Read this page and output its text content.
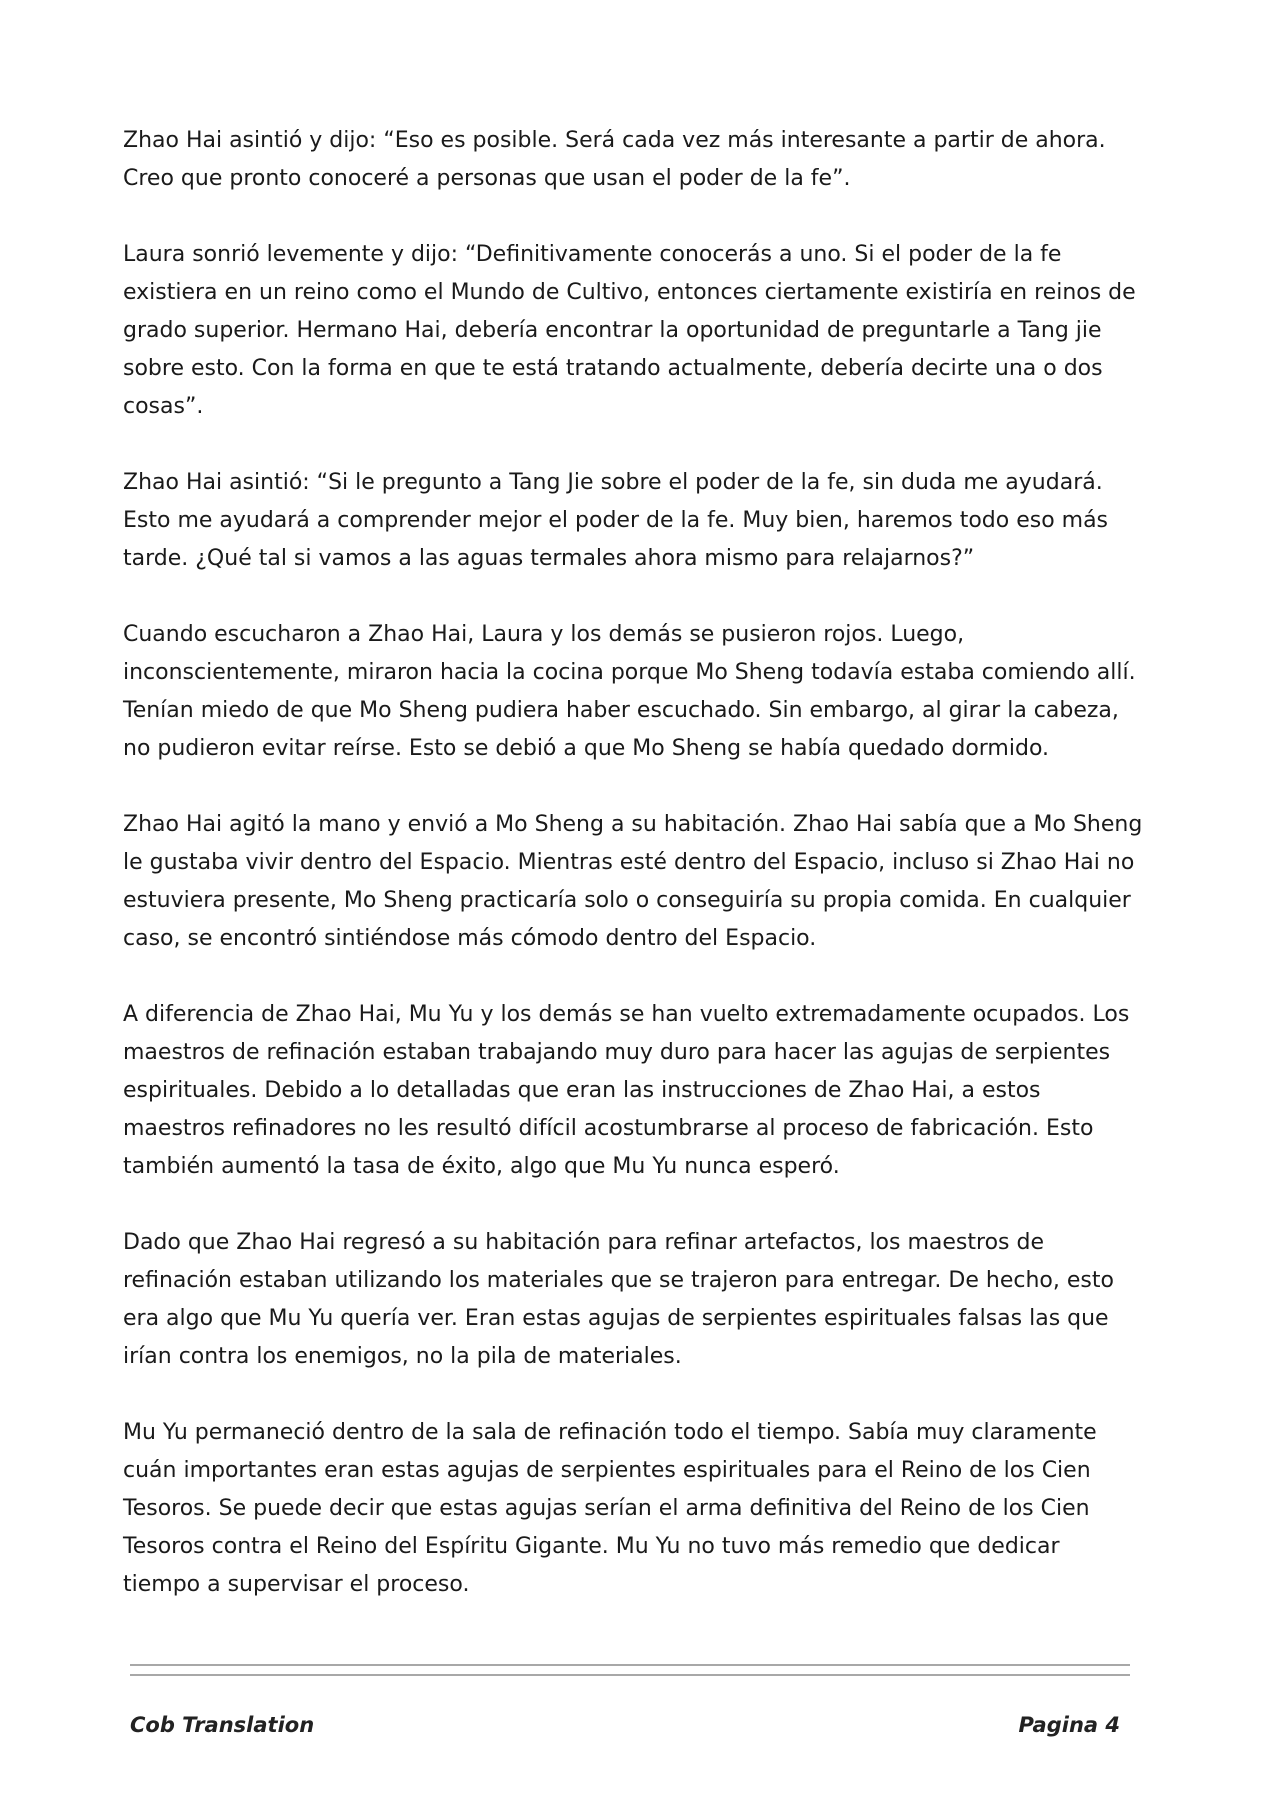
Zhao Hai asintió y dijo: “Eso es posible. Será cada vez más interesante a partir de ahora. Creo que pronto conoceré a personas que usan el poder de la fe”.

Laura sonrió levemente y dijo: “Definitivamente conocerás a uno. Si el poder de la fe existiera en un reino como el Mundo de Cultivo, entonces ciertamente existiría en reinos de grado superior. Hermano Hai, debería encontrar la oportunidad de preguntarle a Tang jie sobre esto. Con la forma en que te está tratando actualmente, debería decirte una o dos cosas”.

Zhao Hai asintió: “Si le pregunto a Tang Jie sobre el poder de la fe, sin duda me ayudará. Esto me ayudará a comprender mejor el poder de la fe. Muy bien, haremos todo eso más tarde. ¿Qué tal si vamos a las aguas termales ahora mismo para relajarnos?”

Cuando escucharon a Zhao Hai, Laura y los demás se pusieron rojos. Luego, inconscientemente, miraron hacia la cocina porque Mo Sheng todavía estaba comiendo allí. Tenían miedo de que Mo Sheng pudiera haber escuchado. Sin embargo, al girar la cabeza, no pudieron evitar reírse. Esto se debió a que Mo Sheng se había quedado dormido.

Zhao Hai agitó la mano y envió a Mo Sheng a su habitación. Zhao Hai sabía que a Mo Sheng le gustaba vivir dentro del Espacio. Mientras esté dentro del Espacio, incluso si Zhao Hai no estuviera presente, Mo Sheng practicaría solo o conseguiría su propia comida. En cualquier caso, se encontró sintiéndose más cómodo dentro del Espacio.

A diferencia de Zhao Hai, Mu Yu y los demás se han vuelto extremadamente ocupados. Los maestros de refinación estaban trabajando muy duro para hacer las agujas de serpientes espirituales. Debido a lo detalladas que eran las instrucciones de Zhao Hai, a estos maestros refinadores no les resultó difícil acostumbrarse al proceso de fabricación. Esto también aumentó la tasa de éxito, algo que Mu Yu nunca esperó.

Dado que Zhao Hai regresó a su habitación para refinar artefactos, los maestros de refinación estaban utilizando los materiales que se trajeron para entregar. De hecho, esto era algo que Mu Yu quería ver. Eran estas agujas de serpientes espirituales falsas las que irían contra los enemigos, no la pila de materiales.

Mu Yu permaneció dentro de la sala de refinación todo el tiempo. Sabía muy claramente cuán importantes eran estas agujas de serpientes espirituales para el Reino de los Cien Tesoros. Se puede decir que estas agujas serían el arma definitiva del Reino de los Cien Tesoros contra el Reino del Espíritu Gigante. Mu Yu no tuvo más remedio que dedicar tiempo a supervisar el proceso.

Cob Translation	Pagina 4
